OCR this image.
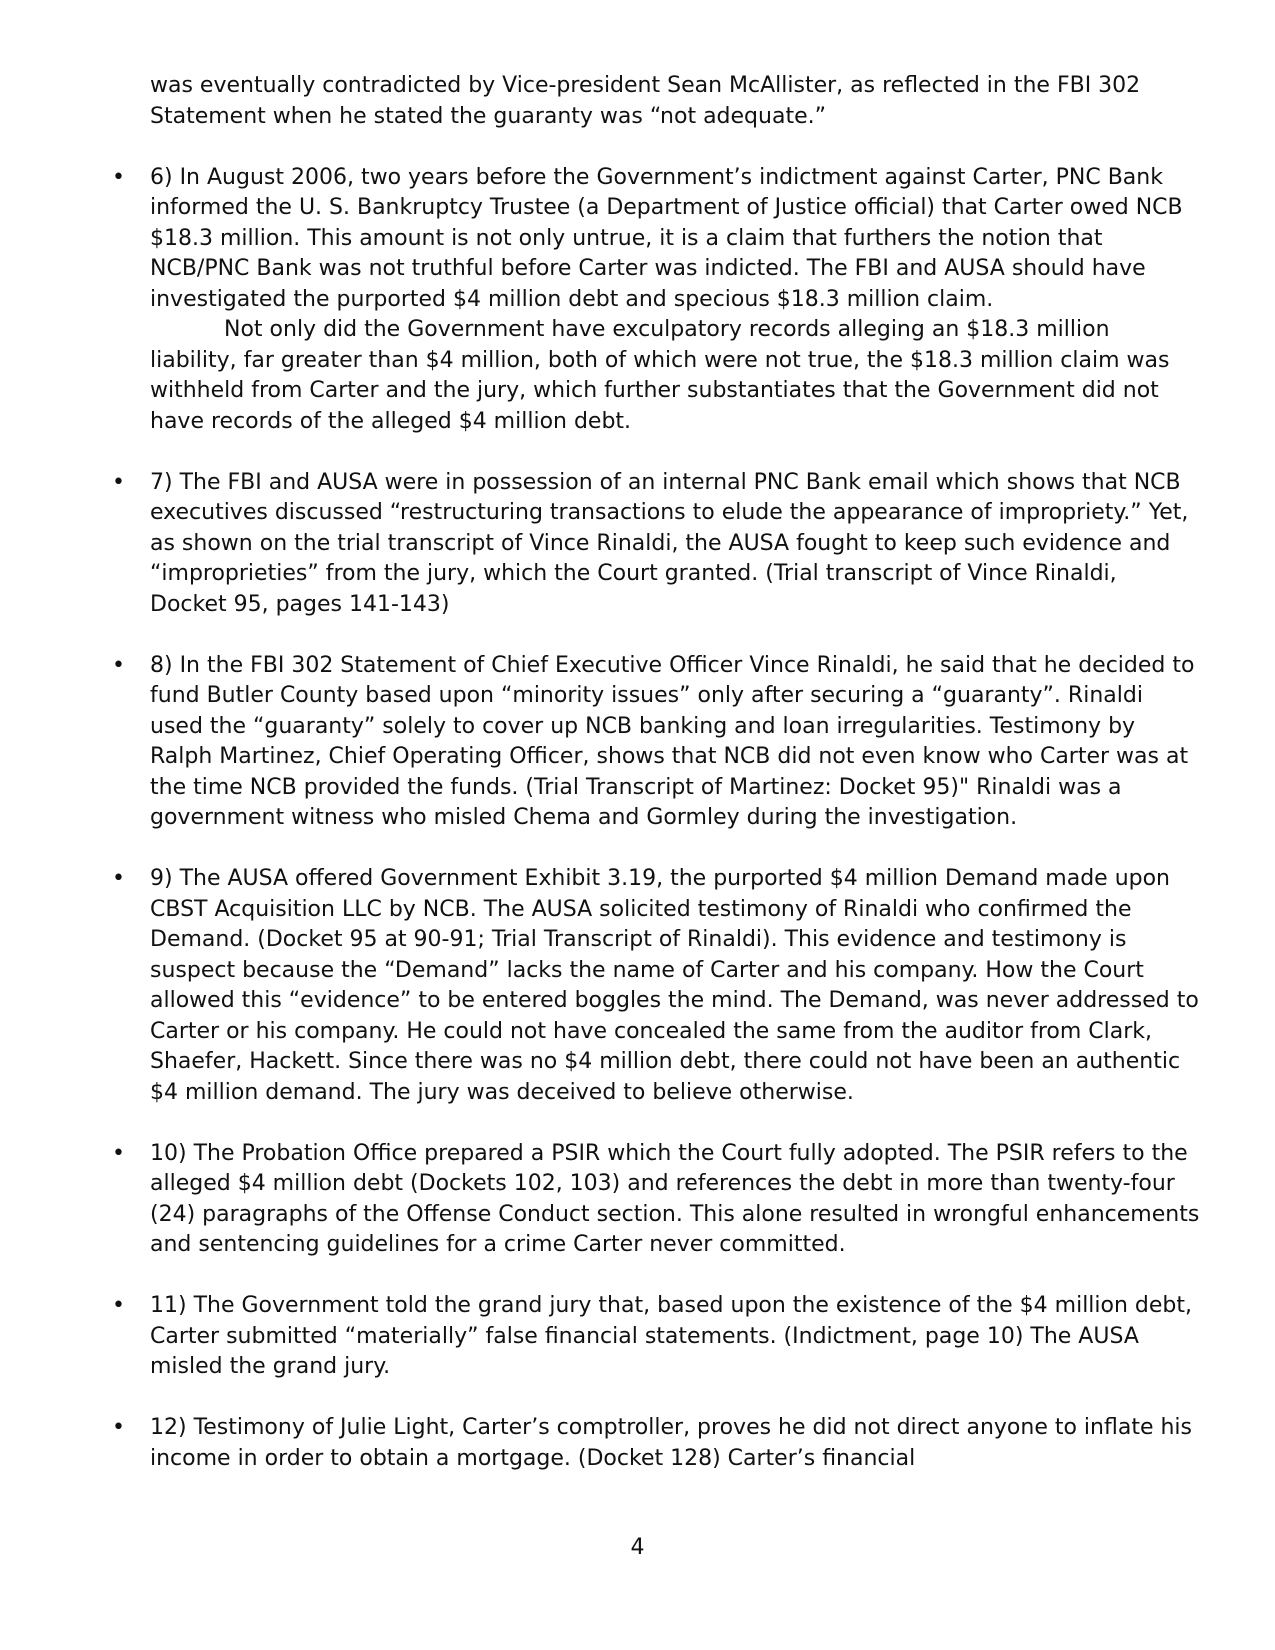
was eventually contradicted by Vice-president Sean McAllister, as reflected in the FBI 302 Statement when he stated the guaranty was “not adequate.”

• 6) In August 2006, two years before the Government’s indictment against Carter, PNC Bank informed the U. S. Bankruptcy Trustee (a Department of Justice official) that Carter owed NCB $18.3 million. This amount is not only untrue, it is a claim that furthers the notion that NCB/PNC Bank was not truthful before Carter was indicted. The FBI and AUSA should have investigated the purported $4 million debt and specious $18.3 million claim.

Not only did the Government have exculpatory records alleging an $18.3 million liability, far greater than $4 million, both of which were not true, the $18.3 million claim was withheld from Carter and the jury, which further substantiates that the Government did not have records of the alleged $4 million debt.

• 7) The FBI and AUSA were in possession of an internal PNC Bank email which shows that NCB executives discussed “restructuring transactions to elude the appearance of impropriety.” Yet, as shown on the trial transcript of Vince Rinaldi, the AUSA fought to keep such evidence and “improprieties” from the jury, which the Court granted. (Trial transcript of Vince Rinaldi, Docket 95, pages 141-143)

• 8) In the FBI 302 Statement of Chief Executive Officer Vince Rinaldi, he said that he decided to fund Butler County based upon “minority issues” only after securing a “guaranty”. Rinaldi used the “guaranty” solely to cover up NCB banking and loan irregularities. Testimony by Ralph Martinez, Chief Operating Officer, shows that NCB did not even know who Carter was at the time NCB provided the funds. (Trial Transcript of Martinez: Docket 95)" Rinaldi was a government witness who misled Chema and Gormley during the investigation.

• 9) The AUSA offered Government Exhibit 3.19, the purported $4 million Demand made upon CBST Acquisition LLC by NCB. The AUSA solicited testimony of Rinaldi who confirmed the Demand. (Docket 95 at 90-91; Trial Transcript of Rinaldi). This evidence and testimony is suspect because the “Demand” lacks the name of Carter and his company. How the Court allowed this “evidence” to be entered boggles the mind. The Demand, was never addressed to Carter or his company. He could not have concealed the same from the auditor from Clark, Shaefer, Hackett. Since there was no $4 million debt, there could not have been an authentic $4 million demand. The jury was deceived to believe otherwise.

• 10) The Probation Office prepared a PSIR which the Court fully adopted. The PSIR refers to the alleged $4 million debt (Dockets 102, 103) and references the debt in more than twenty-four (24) paragraphs of the Offense Conduct section. This alone resulted in wrongful enhancements and sentencing guidelines for a crime Carter never committed.

• 11) The Government told the grand jury that, based upon the existence of the $4 million debt, Carter submitted “materially” false financial statements. (Indictment, page 10) The AUSA misled the grand jury.

• 12) Testimony of Julie Light, Carter’s comptroller, proves he did not direct anyone to inflate his income in order to obtain a mortgage. (Docket 128) Carter’s financial

4
